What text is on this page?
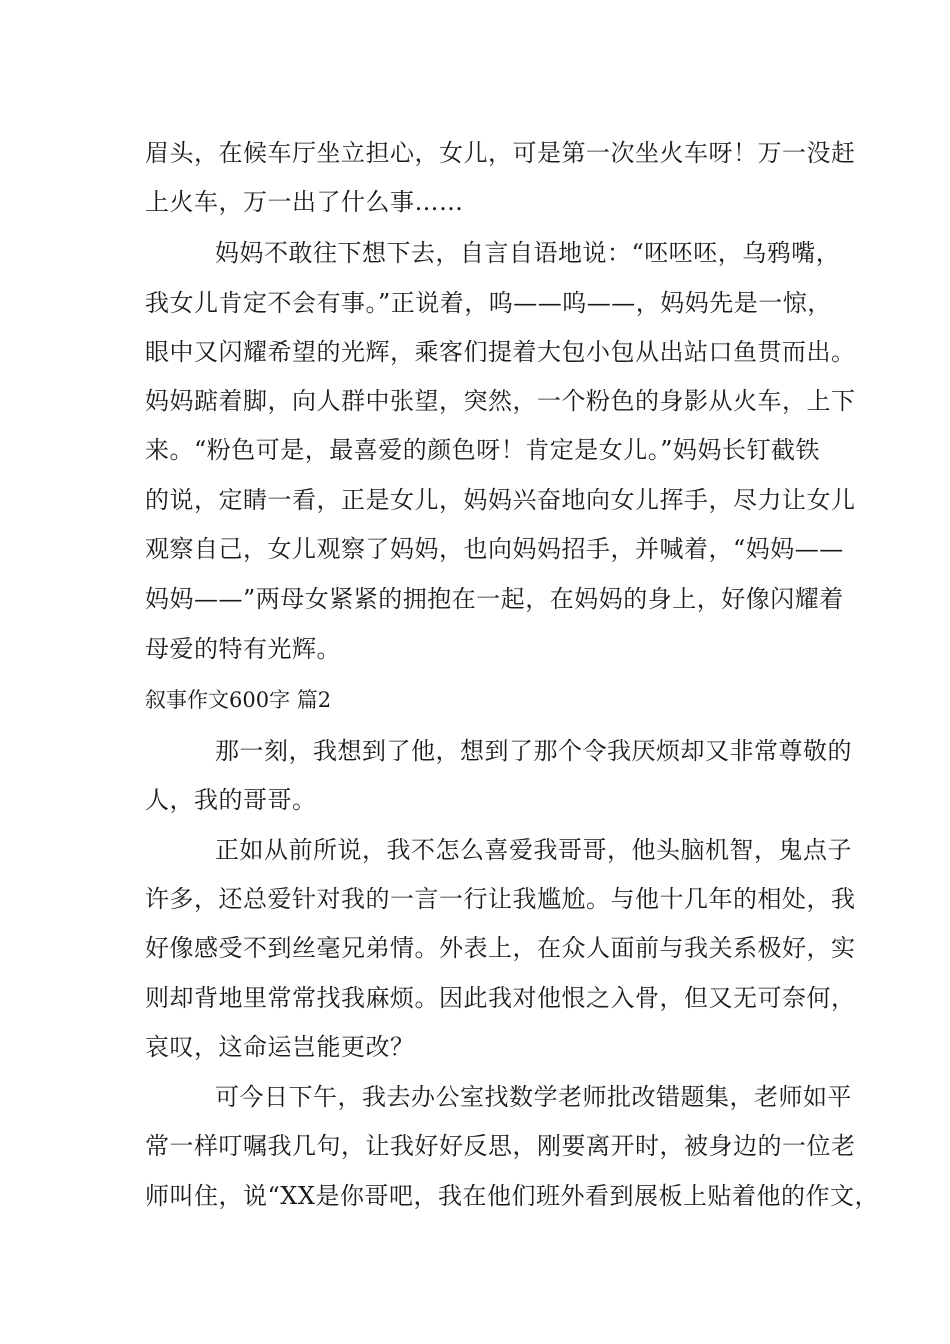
眉头，在候车厅坐立担心，女儿，可是第一次坐火车呀！万一没赶
上火车，万一出了什么事……
妈妈不敢往下想下去，自言自语地说：“呸呸呸，乌鸦嘴，
我女儿肯定不会有事。”正说着，呜——呜——，妈妈先是一惊，
眼中又闪耀希望的光辉，乘客们提着大包小包从出站口鱼贯而出。
妈妈踮着脚，向人群中张望，突然，一个粉色的身影从火车，上下
来。“粉色可是，最喜爱的颜色呀！肯定是女儿。”妈妈长钉截铁
的说，定睛一看，正是女儿，妈妈兴奋地向女儿挥手，尽力让女儿
观察自己，女儿观察了妈妈，也向妈妈招手，并喊着，“妈妈——
妈妈——”两母女紧紧的拥抱在一起，在妈妈的身上，好像闪耀着
母爱的特有光辉。
叙事作文600字 篇2
那一刻，我想到了他，想到了那个令我厌烦却又非常尊敬的
人，我的哥哥。
正如从前所说，我不怎么喜爱我哥哥，他头脑机智，鬼点子
许多，还总爱针对我的一言一行让我尴尬。与他十几年的相处，我
好像感受不到丝毫兄弟情。外表上，在众人面前与我关系极好，实
则却背地里常常找我麻烦。因此我对他恨之入骨，但又无可奈何，
哀叹，这命运岂能更改？
可今日下午，我去办公室找数学老师批改错题集，老师如平
常一样叮嘱我几句，让我好好反思，刚要离开时，被身边的一位老
师叫住，说“XX是你哥吧，我在他们班外看到展板上贴着他的作文，
